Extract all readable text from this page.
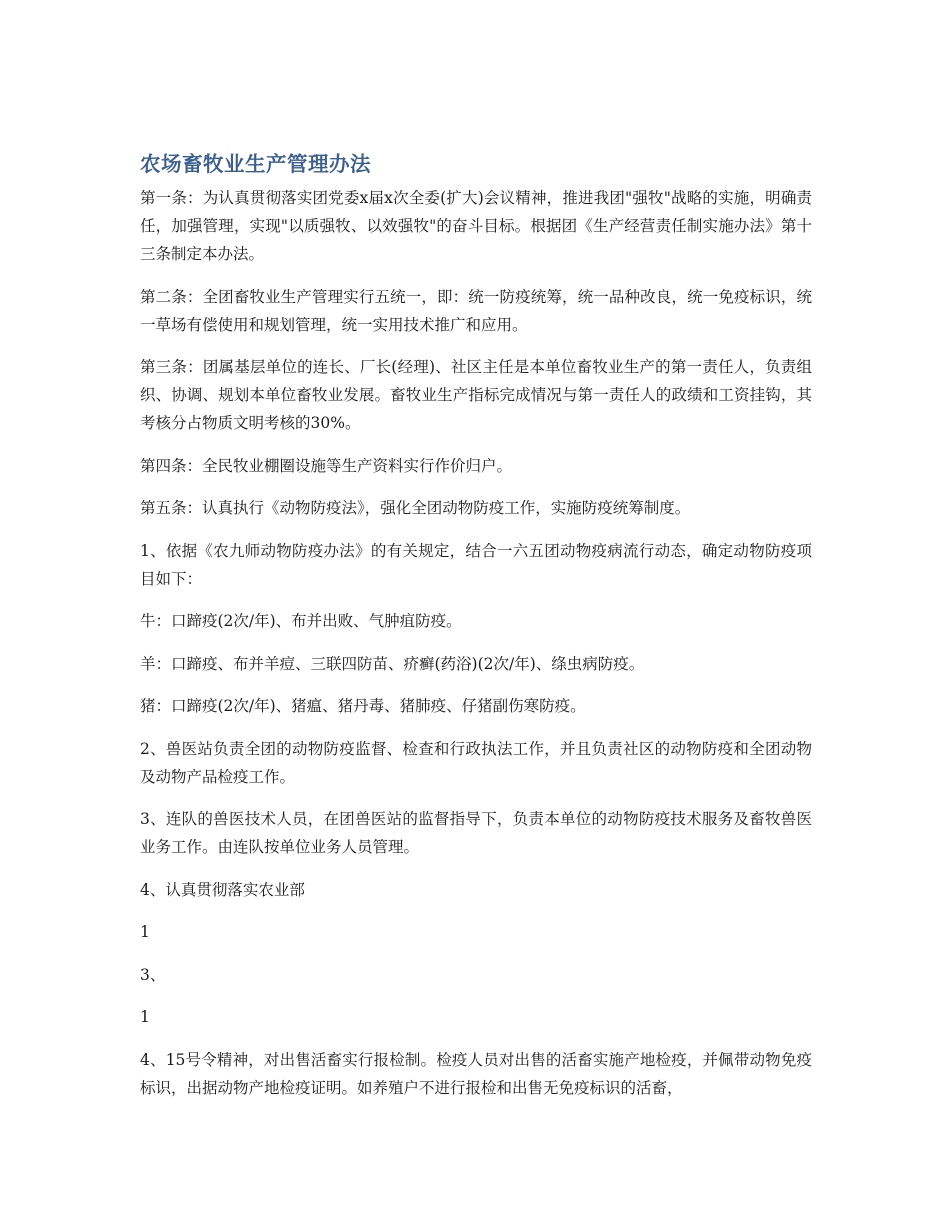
农场畜牧业生产管理办法

第一条：为认真贯彻落实团党委x届x次全委(扩大)会议精神，推进我团"强牧"战略的实施，明确责任，加强管理，实现"以质强牧、以效强牧"的奋斗目标。根据团《生产经营责任制实施办法》第十三条制定本办法。

第二条：全团畜牧业生产管理实行五统一，即：统一防疫统筹，统一品种改良，统一免疫标识，统一草场有偿使用和规划管理，统一实用技术推广和应用。

第三条：团属基层单位的连长、厂长(经理)、社区主任是本单位畜牧业生产的第一责任人，负责组织、协调、规划本单位畜牧业发展。畜牧业生产指标完成情况与第一责任人的政绩和工资挂钩，其考核分占物质文明考核的30%。

第四条：全民牧业棚圈设施等生产资料实行作价归户。

第五条：认真执行《动物防疫法》，强化全团动物防疫工作，实施防疫统筹制度。

1、依据《农九师动物防疫办法》的有关规定，结合一六五团动物疫病流行动态，确定动物防疫项目如下：

牛：口蹄疫(2次/年)、布并出败、气肿疽防疫。

羊：口蹄疫、布并羊痘、三联四防苗、疥癣(药浴)(2次/年)、绦虫病防疫。

猪：口蹄疫(2次/年)、猪瘟、猪丹毒、猪肺疫、仔猪副伤寒防疫。

2、兽医站负责全团的动物防疫监督、检查和行政执法工作，并且负责社区的动物防疫和全团动物及动物产品检疫工作。

3、连队的兽医技术人员，在团兽医站的监督指导下，负责本单位的动物防疫技术服务及畜牧兽医业务工作。由连队按单位业务人员管理。

4、认真贯彻落实农业部

1

3、

1

4、15号令精神，对出售活畜实行报检制。检疫人员对出售的活畜实施产地检疫，并佩带动物免疫标识，出据动物产地检疫证明。如养殖户不进行报检和出售无免疫标识的活畜，
